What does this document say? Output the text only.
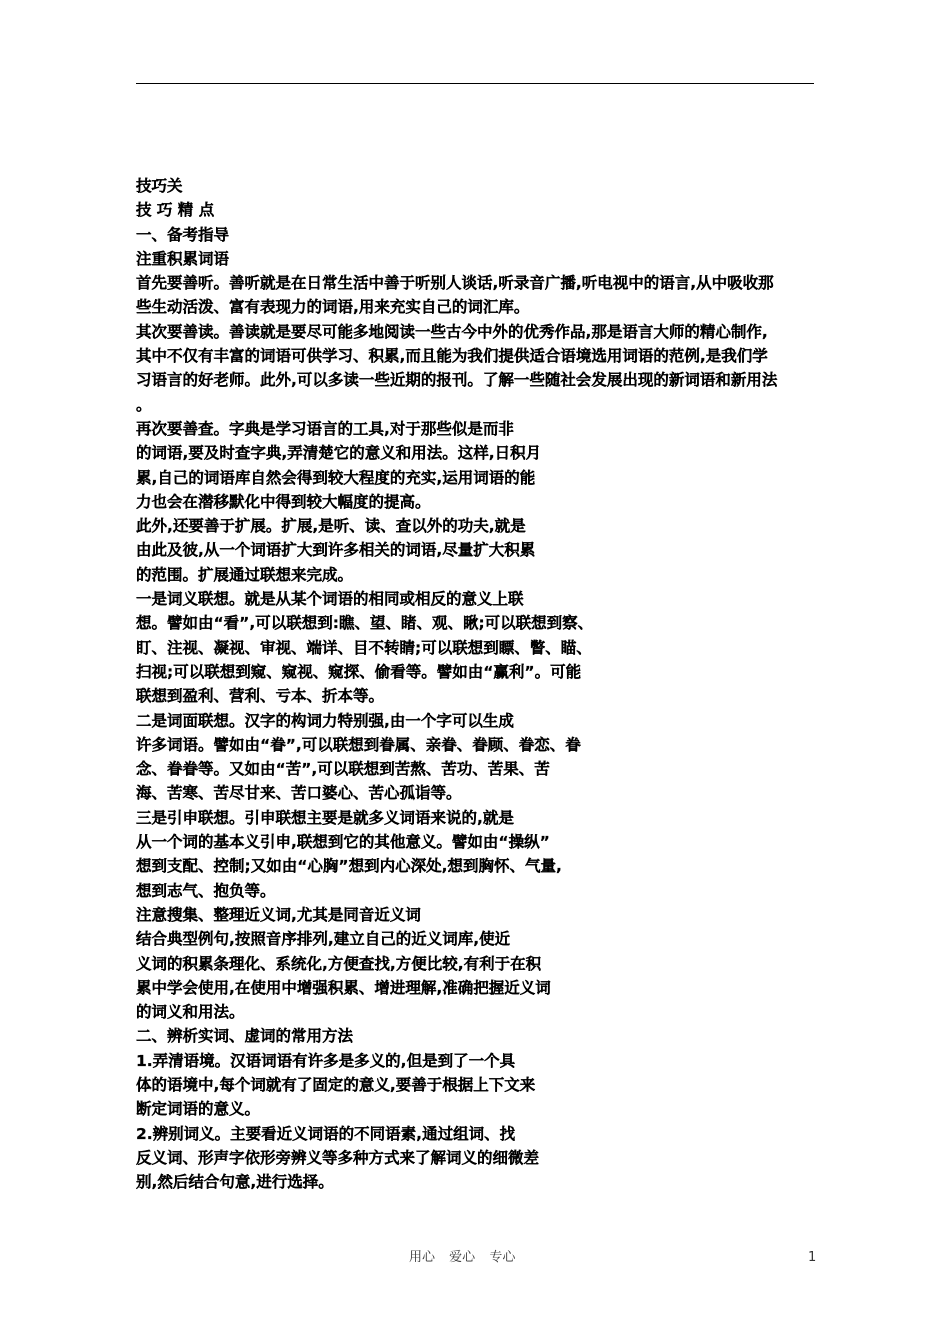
技巧关
技 巧 精 点
一、备考指导
注重积累词语
首先要善听。善听就是在日常生活中善于听别人谈话,听录音广播,听电视中的语言,从中吸收那
些生动活泼、富有表现力的词语,用来充实自己的词汇库。
其次要善读。善读就是要尽可能多地阅读一些古今中外的优秀作品,那是语言大师的精心制作,
其中不仅有丰富的词语可供学习、积累,而且能为我们提供适合语境选用词语的范例,是我们学
习语言的好老师。此外,可以多读一些近期的报刊。了解一些随社会发展出现的新词语和新用法
。
再次要善查。字典是学习语言的工具,对于那些似是而非
的词语,要及时查字典,弄清楚它的意义和用法。这样,日积月
累,自己的词语库自然会得到较大程度的充实,运用词语的能
力也会在潜移默化中得到较大幅度的提高。
此外,还要善于扩展。扩展,是听、读、查以外的功夫,就是
由此及彼,从一个词语扩大到许多相关的词语,尽量扩大积累
的范围。扩展通过联想来完成。
一是词义联想。就是从某个词语的相同或相反的意义上联
想。譬如由“看”,可以联想到:瞧、望、睹、观、瞅;可以联想到察、
盯、注视、凝视、审视、端详、目不转睛;可以联想到瞟、瞥、瞄、
扫视;可以联想到窥、窥视、窥探、偷看等。譬如由“赢利”。可能
联想到盈利、营利、亏本、折本等。
二是词面联想。汉字的构词力特别强,由一个字可以生成
许多词语。譬如由“眷”,可以联想到眷属、亲眷、眷顾、眷恋、眷
念、眷眷等。又如由“苦”,可以联想到苦熬、苦功、苦果、苦
海、苦寒、苦尽甘来、苦口婆心、苦心孤诣等。
三是引申联想。引申联想主要是就多义词语来说的,就是
从一个词的基本义引申,联想到它的其他意义。譬如由“操纵”
想到支配、控制;又如由“心胸”想到内心深处,想到胸怀、气量,
想到志气、抱负等。
注意搜集、整理近义词,尤其是同音近义词
结合典型例句,按照音序排列,建立自己的近义词库,使近
义词的积累条理化、系统化,方便查找,方便比较,有利于在积
累中学会使用,在使用中增强积累、增进理解,准确把握近义词
的词义和用法。
二、辨析实词、虚词的常用方法
1.弄清语境。汉语词语有许多是多义的,但是到了一个具
体的语境中,每个词就有了固定的意义,要善于根据上下文来
断定词语的意义。
2.辨别词义。主要看近义词语的不同语素,通过组词、找
反义词、形声字依形旁辨义等多种方式来了解词义的细微差
别,然后结合句意,进行选择。
用心 爱心 专心	1
